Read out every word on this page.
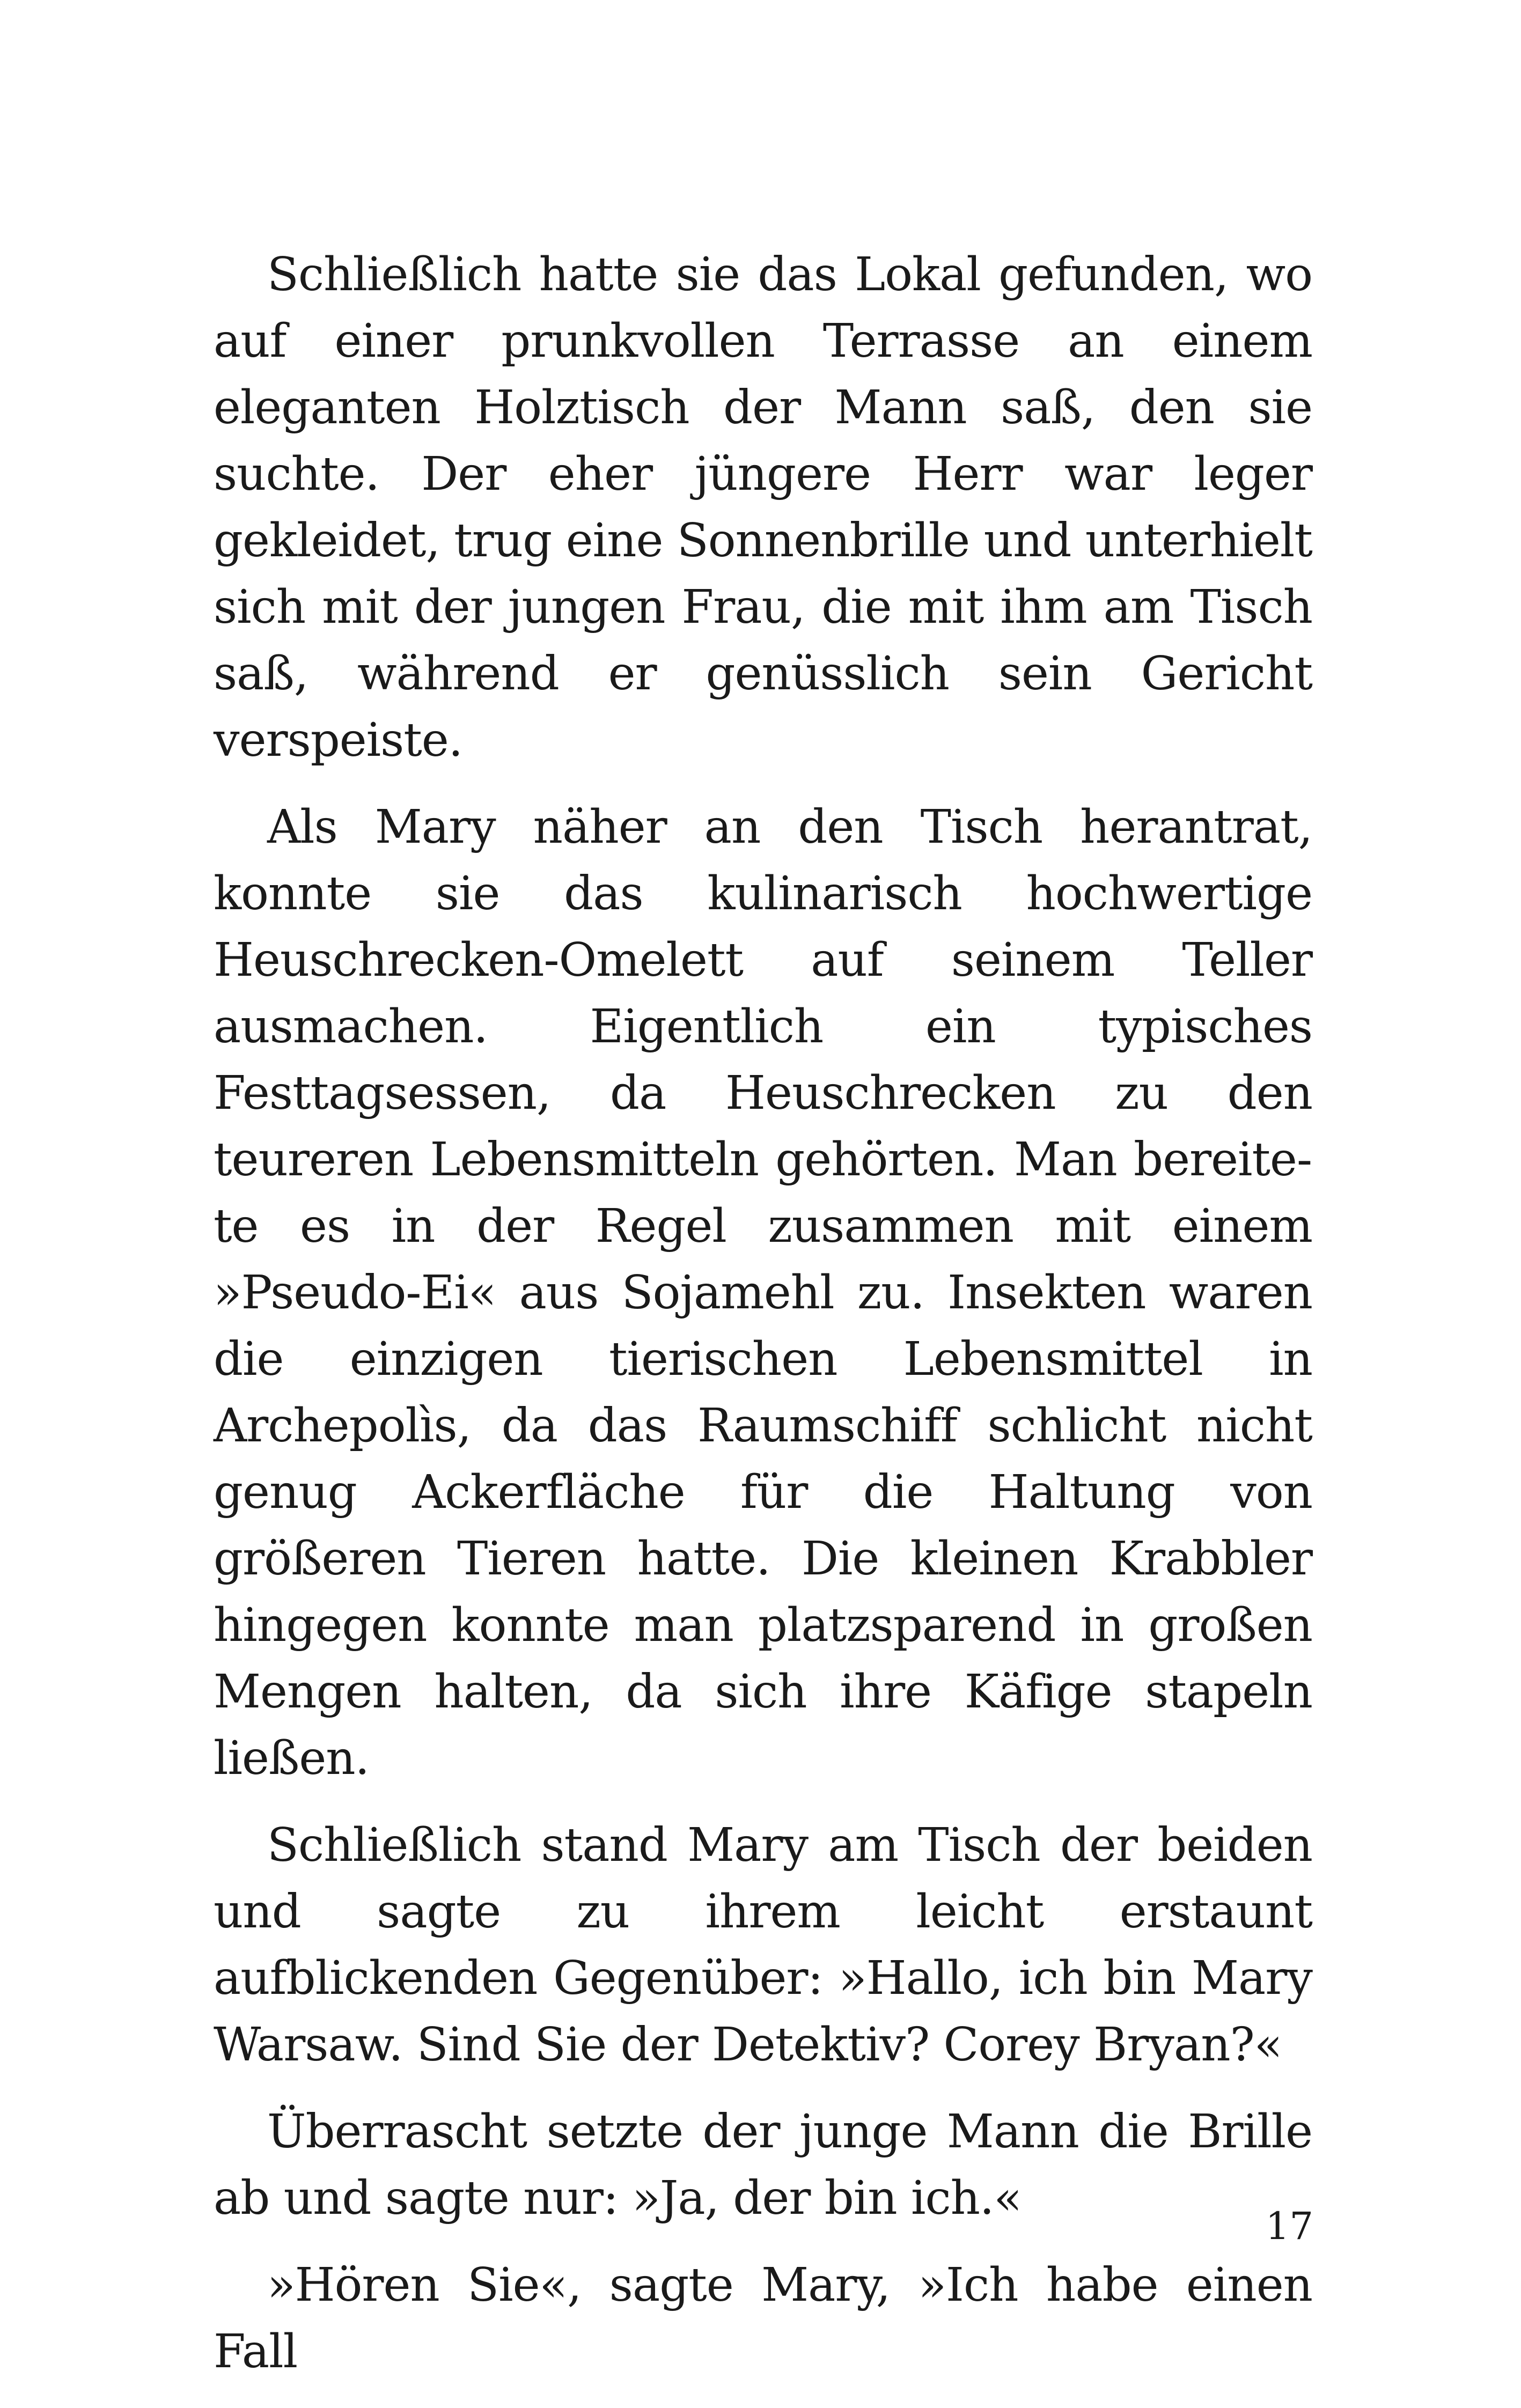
Schließlich hatte sie das Lokal gefunden, wo auf einer prunkvollen Terrasse an einem eleganten Holztisch der Mann saß, den sie suchte. Der eher jüngere Herr war leger gekleidet, trug eine Sonnenbrille und unterhielt sich mit der jungen Frau, die mit ihm am Tisch saß, während er genüsslich sein Gericht verspeiste.

Als Mary näher an den Tisch herantrat, konnte sie das kulinarisch hochwertige Heuschrecken-Omelett auf seinem Teller ausmachen. Eigentlich ein typisches Festtagsessen, da Heuschrecken zu den teureren Lebensmitteln gehörten. Man bereitete es in der Regel zusammen mit einem »Pseudo-Ei« aus Sojamehl zu. Insekten waren die einzigen tierischen Lebensmittel in Archepolìs, da das Raumschiff schlicht nicht genug Ackerfläche für die Haltung von größeren Tieren hatte. Die kleinen Krabbler hingegen konnte man platzsparend in großen Mengen halten, da sich ihre Käfige stapeln ließen.

Schließlich stand Mary am Tisch der beiden und sagte zu ihrem leicht erstaunt aufblickenden Gegenüber: »Hallo, ich bin Mary Warsaw. Sind Sie der Detektiv? Corey Bryan?«

Überrascht setzte der junge Mann die Brille ab und sagte nur: »Ja, der bin ich.«

»Hören Sie«, sagte Mary, »Ich habe einen Fall

17
